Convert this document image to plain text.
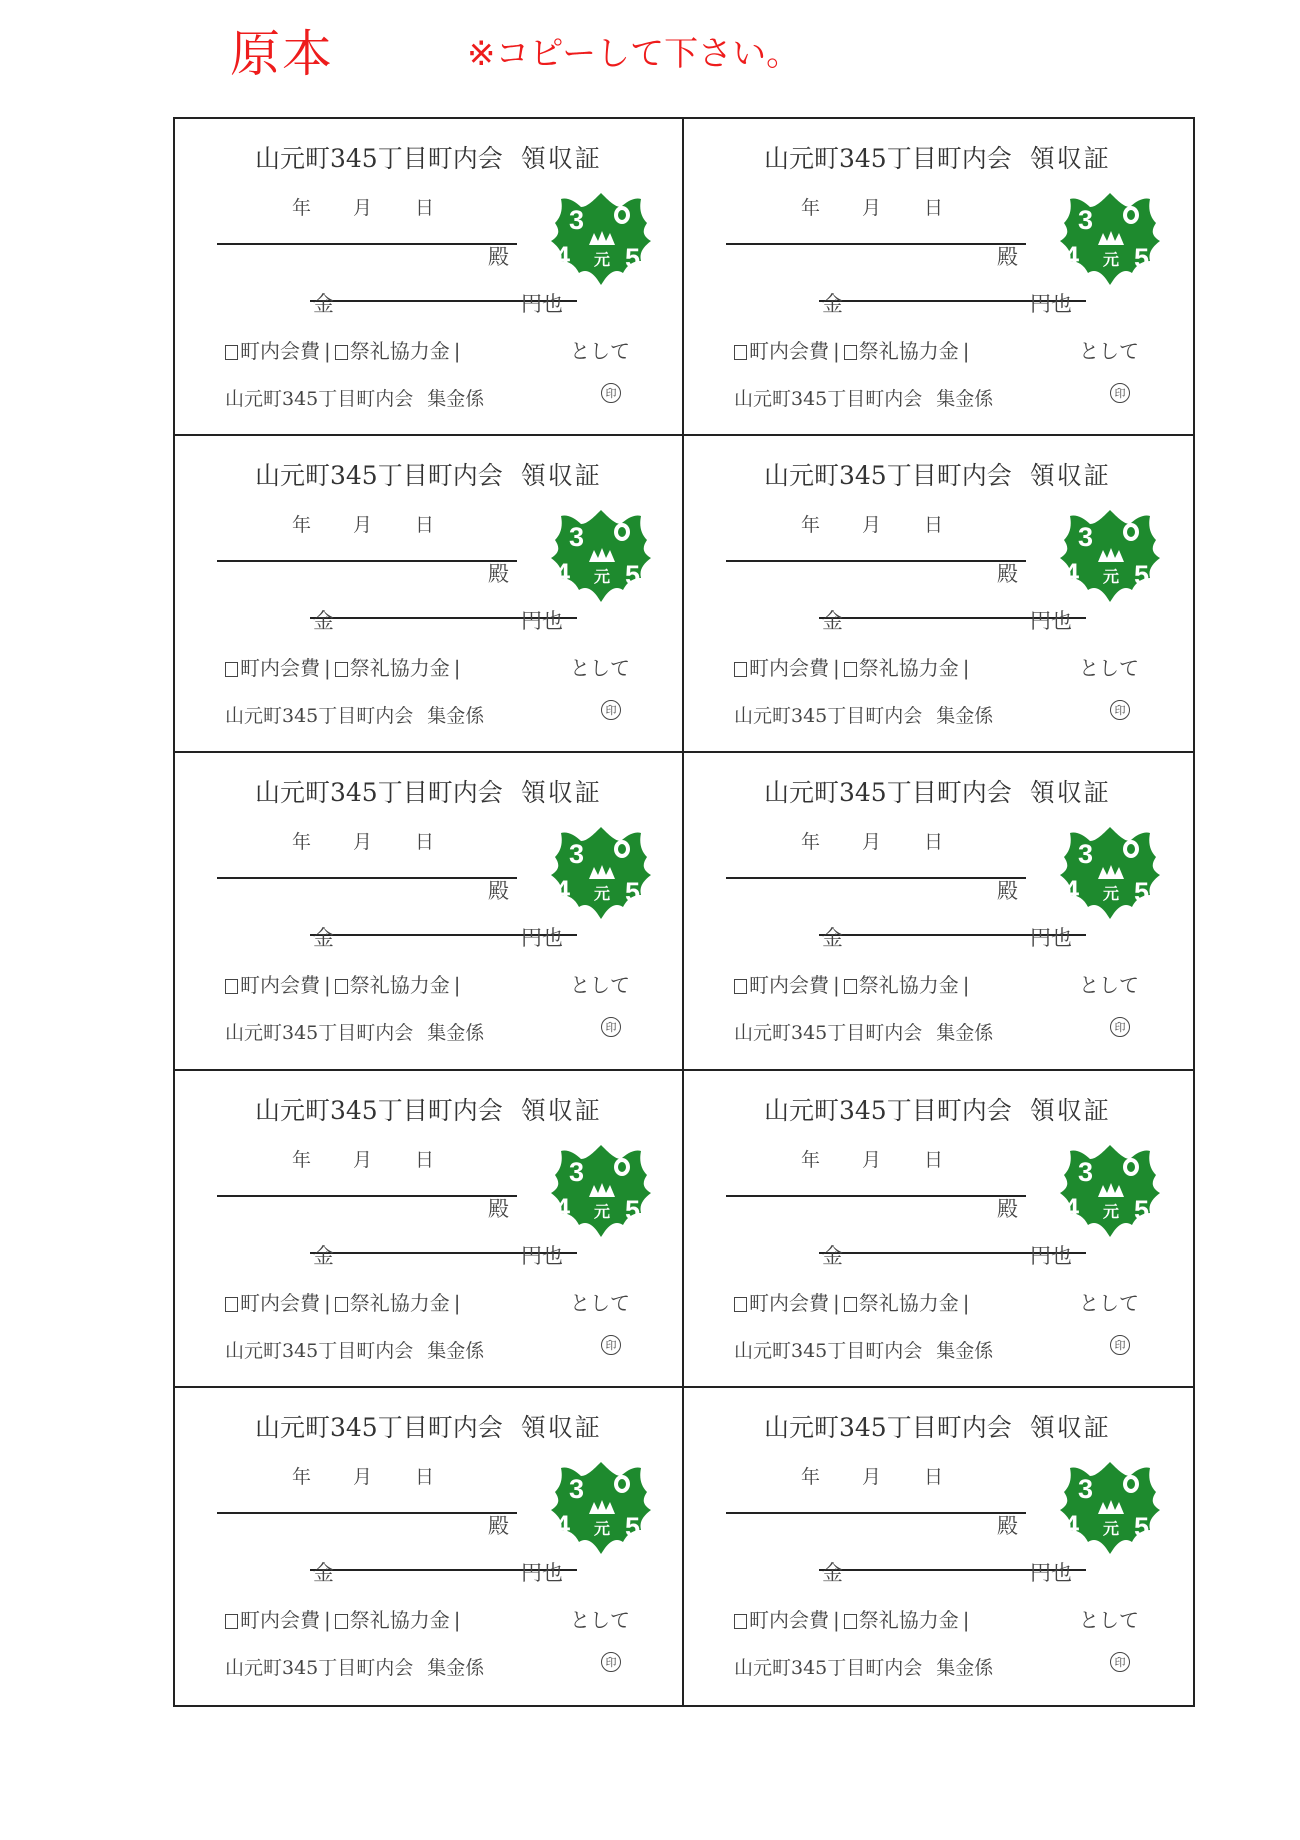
原本	※コピーして下さい。
山元町345丁目町内会 領収証
年 月 日
殿
金	円也
町内会費 | 祭礼協力金 |	として
山元町345丁目町内会 集金係	印
3
4 5
元
山元町345丁目町内会 領収証
年 月 日
殿
金	円也
町内会費 | 祭礼協力金 |	として
山元町345丁目町内会 集金係	印
3
4 5
元
山元町345丁目町内会 領収証
年 月 日
殿
金	円也
町内会費 | 祭礼協力金 |	として
山元町345丁目町内会 集金係	印
3
4 5
元
山元町345丁目町内会 領収証
年 月 日
殿
金	円也
町内会費 | 祭礼協力金 |	として
山元町345丁目町内会 集金係	印
3
4 5
元
山元町345丁目町内会 領収証
年 月 日
殿
金	円也
町内会費 | 祭礼協力金 |	として
山元町345丁目町内会 集金係	印
3
4 5
元
山元町345丁目町内会 領収証
年 月 日
殿
金	円也
町内会費 | 祭礼協力金 |	として
山元町345丁目町内会 集金係	印
3
4 5
元
山元町345丁目町内会 領収証
年 月 日
殿
金	円也
町内会費 | 祭礼協力金 |	として
山元町345丁目町内会 集金係	印
3
4 5
元
山元町345丁目町内会 領収証
年 月 日
殿
金	円也
町内会費 | 祭礼協力金 |	として
山元町345丁目町内会 集金係	印
3
4 5
元
山元町345丁目町内会 領収証
年 月 日
殿
金	円也
町内会費 | 祭礼協力金 |	として
山元町345丁目町内会 集金係	印
3
4 5
元
山元町345丁目町内会 領収証
年 月 日
殿
金	円也
町内会費 | 祭礼協力金 |	として
山元町345丁目町内会 集金係	印
3
4 5
元
